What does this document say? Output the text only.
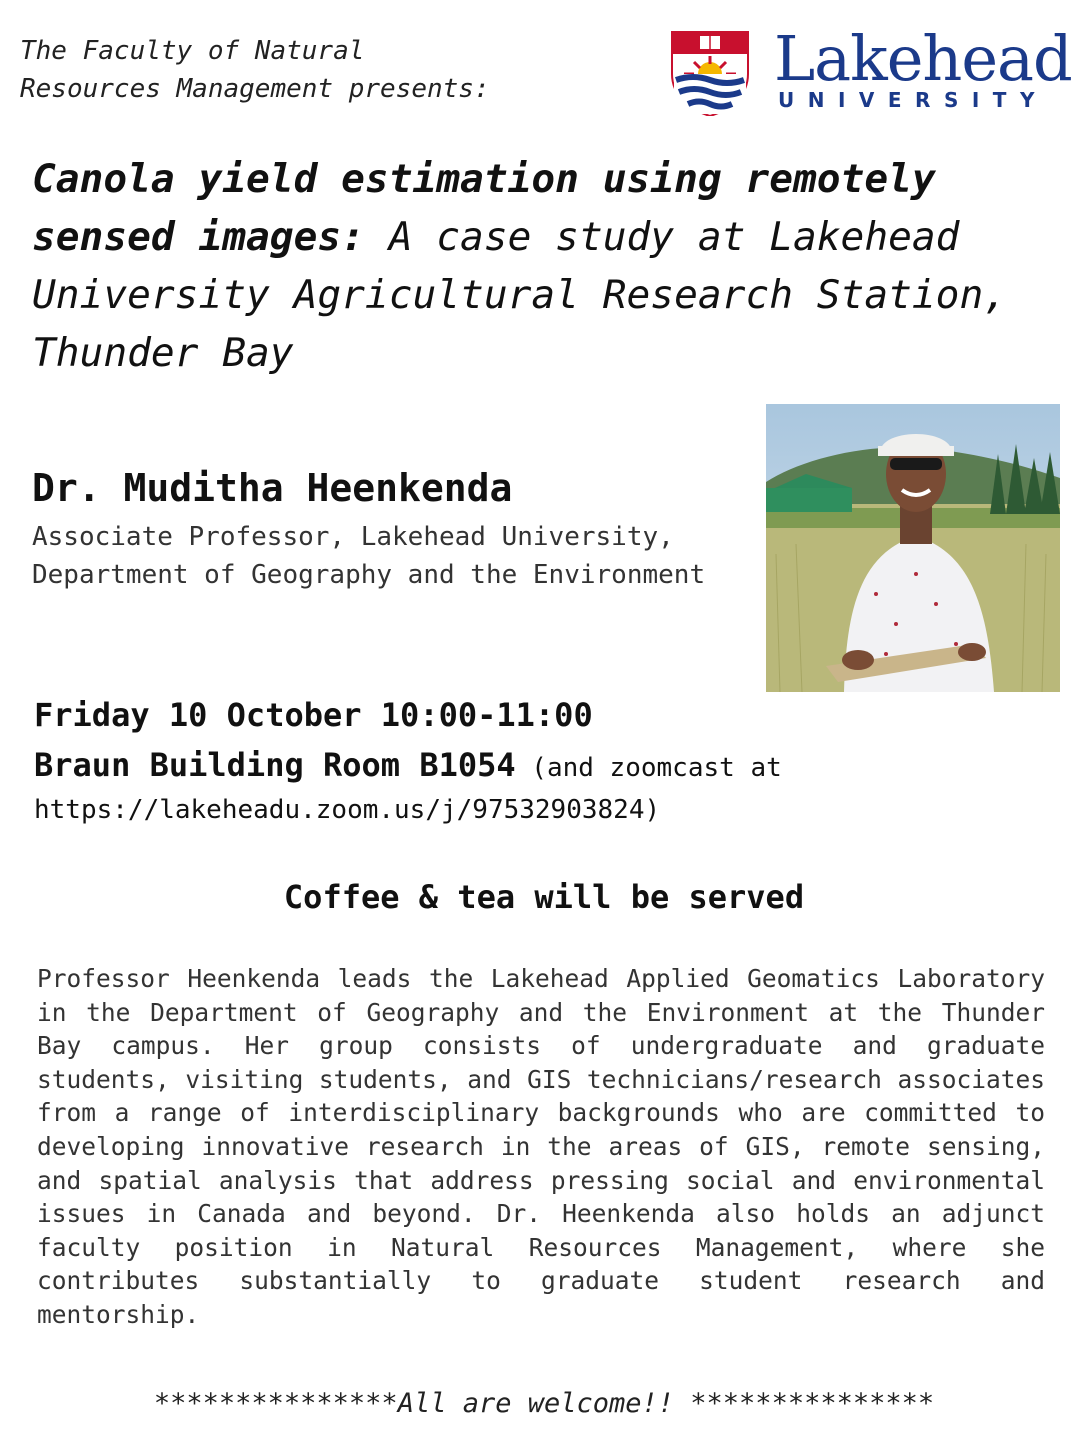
The Faculty of Natural
Resources Management presents:	Lakehead
UNIVERSITY
Canola yield estimation using remotely sensed images: A case study at Lakehead University Agricultural Research Station, Thunder Bay
Dr. Muditha Heenkenda
Associate Professor, Lakehead University, Department of Geography and the Environment
Friday 10 October 10:00-11:00
Braun Building Room B1054 (and zoomcast at https://lakeheadu.zoom.us/j/97532903824)
Coffee & tea will be served
Professor Heenkenda leads the Lakehead Applied Geomatics Laboratory in the Department of Geography and the Environment at the Thunder Bay campus. Her group consists of undergraduate and graduate students, visiting students, and GIS technicians/research associates from a range of interdisciplinary backgrounds who are committed to developing innovative research in the areas of GIS, remote sensing, and spatial analysis that address pressing social and environmental issues in Canada and beyond. Dr. Heenkenda also holds an adjunct faculty position in Natural Resources Management, where she contributes substantially to graduate student research and mentorship.
***************All are welcome!! ***************
